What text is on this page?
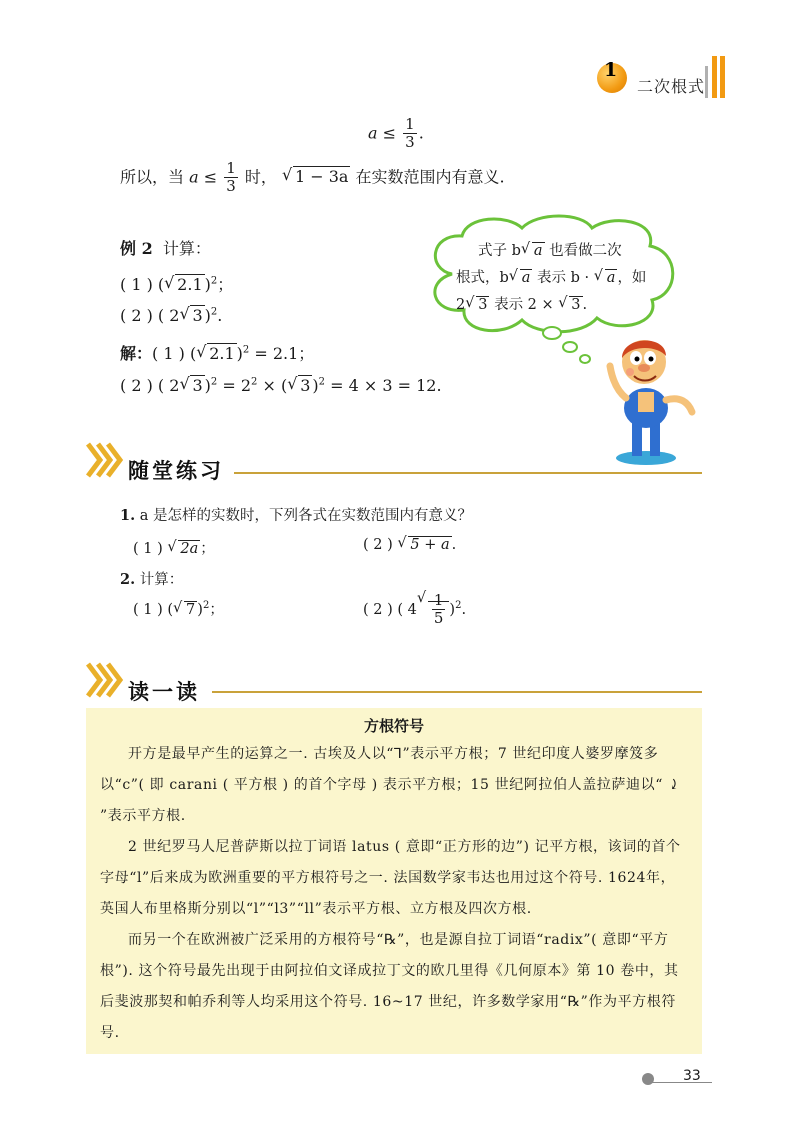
1
二次根式
$a \le \frac{1}{3}$ .
所以，当 $a \le \frac{1}{3}$ 时， √ 1 − 3a 在实数范围内有意义.
例 2 计算：
( 1 ) ( √ 2.1 )$^2$；
( 2 ) ( 2 √ 3 )$^2$.
解：( 1 ) ( √ 2.1 )$^2$ = 2.1；
( 2 ) ( 2 √ 3 )$^2 = 2^2$ × ( √ 3 )$^2$ = 4 × 3 = 12.
式子 b √ a 也看做二次
根式，b √ a 表示 b · √ a ，如
2 √ 3 表示 2 × √ 3 .
随堂练习
1. a 是怎样的实数时，下列各式在实数范围内有意义？
( 1 ) √ 2a ；	( 2 ) √ 5 + a .
2. 计算：
( 1 ) ( √ 7 )$^2$；	( 2 ) ( 4 √ $\frac{1}{5} )^2$.
读一读
方根符号
开方是最早产生的运算之一. 古埃及人以“⅂”表示平方根；7 世纪印度人婆罗摩笈多以“c”( 即 carani ( 平方根 ) 的首个字母 ) 表示平方根；15 世纪阿拉伯人盖拉萨迪以“ ⤸ ”表示平方根.
2 世纪罗马人尼普萨斯以拉丁词语 latus ( 意即“正方形的边”) 记平方根，该词的首个字母“l”后来成为欧洲重要的平方根符号之一. 法国数学家韦达也用过这个符号. 1624年，英国人布里格斯分别以“l”“l3”“ll”表示平方根、立方根及四次方根.
而另一个在欧洲被广泛采用的方根符号“℞”，也是源自拉丁词语“radix”( 意即“平方根”). 这个符号最先出现于由阿拉伯文译成拉丁文的欧几里得《几何原本》第 10 卷中，其后斐波那契和帕乔利等人均采用这个符号. 16~17 世纪，许多数学家用“℞”作为平方根符号.
33
